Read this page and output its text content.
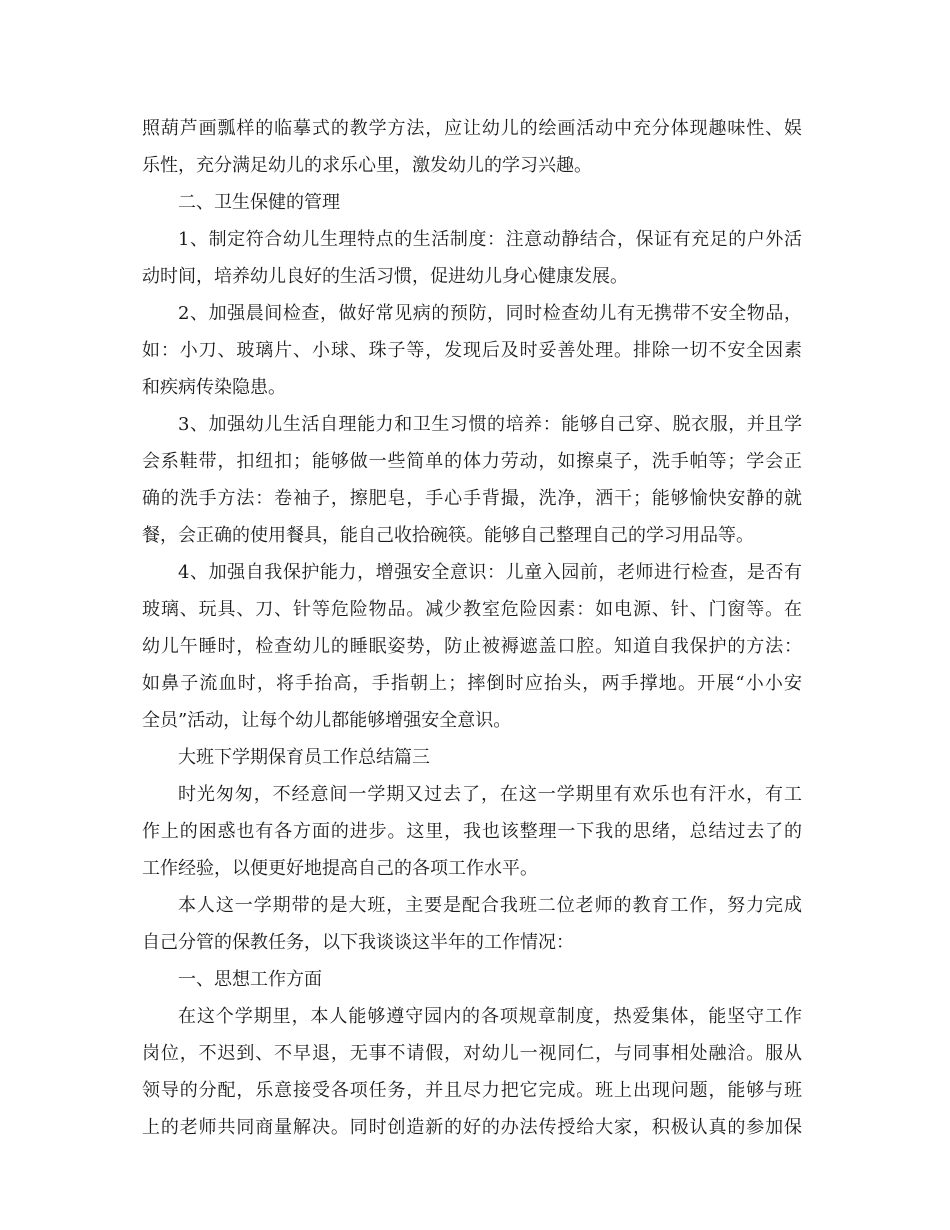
照葫芦画瓢样的临摹式的教学方法，应让幼儿的绘画活动中充分体现趣味性、娱
乐性，充分满足幼儿的求乐心里，激发幼儿的学习兴趣。
二、卫生保健的管理
1、制定符合幼儿生理特点的生活制度：注意动静结合，保证有充足的户外活
动时间，培养幼儿良好的生活习惯，促进幼儿身心健康发展。
2、加强晨间检查，做好常见病的预防，同时检查幼儿有无携带不安全物品，
如：小刀、玻璃片、小球、珠子等，发现后及时妥善处理。排除一切不安全因素
和疾病传染隐患。
3、加强幼儿生活自理能力和卫生习惯的培养：能够自己穿、脱衣服，并且学
会系鞋带，扣纽扣；能够做一些简单的体力劳动，如擦桌子，洗手帕等；学会正
确的洗手方法：卷袖子，擦肥皂，手心手背撮，洗净，洒干；能够愉快安静的就
餐，会正确的使用餐具，能自己收拾碗筷。能够自己整理自己的学习用品等。
4、加强自我保护能力，增强安全意识：儿童入园前，老师进行检查，是否有
玻璃、玩具、刀、针等危险物品。减少教室危险因素：如电源、针、门窗等。在
幼儿午睡时，检查幼儿的睡眠姿势，防止被褥遮盖口腔。知道自我保护的方法：
如鼻子流血时，将手抬高，手指朝上；摔倒时应抬头，两手撑地。开展“小小安
全员”活动，让每个幼儿都能够增强安全意识。
大班下学期保育员工作总结篇三
时光匆匆，不经意间一学期又过去了，在这一学期里有欢乐也有汗水，有工
作上的困惑也有各方面的进步。这里，我也该整理一下我的思绪，总结过去了的
工作经验，以便更好地提高自己的各项工作水平。
本人这一学期带的是大班，主要是配合我班二位老师的教育工作，努力完成
自己分管的保教任务，以下我谈谈这半年的工作情况：
一、思想工作方面
在这个学期里，本人能够遵守园内的各项规章制度，热爱集体，能坚守工作
岗位，不迟到、不早退，无事不请假，对幼儿一视同仁，与同事相处融洽。服从
领导的分配，乐意接受各项任务，并且尽力把它完成。班上出现问题，能够与班
上的老师共同商量解决。同时创造新的好的办法传授给大家，积极认真的参加保
